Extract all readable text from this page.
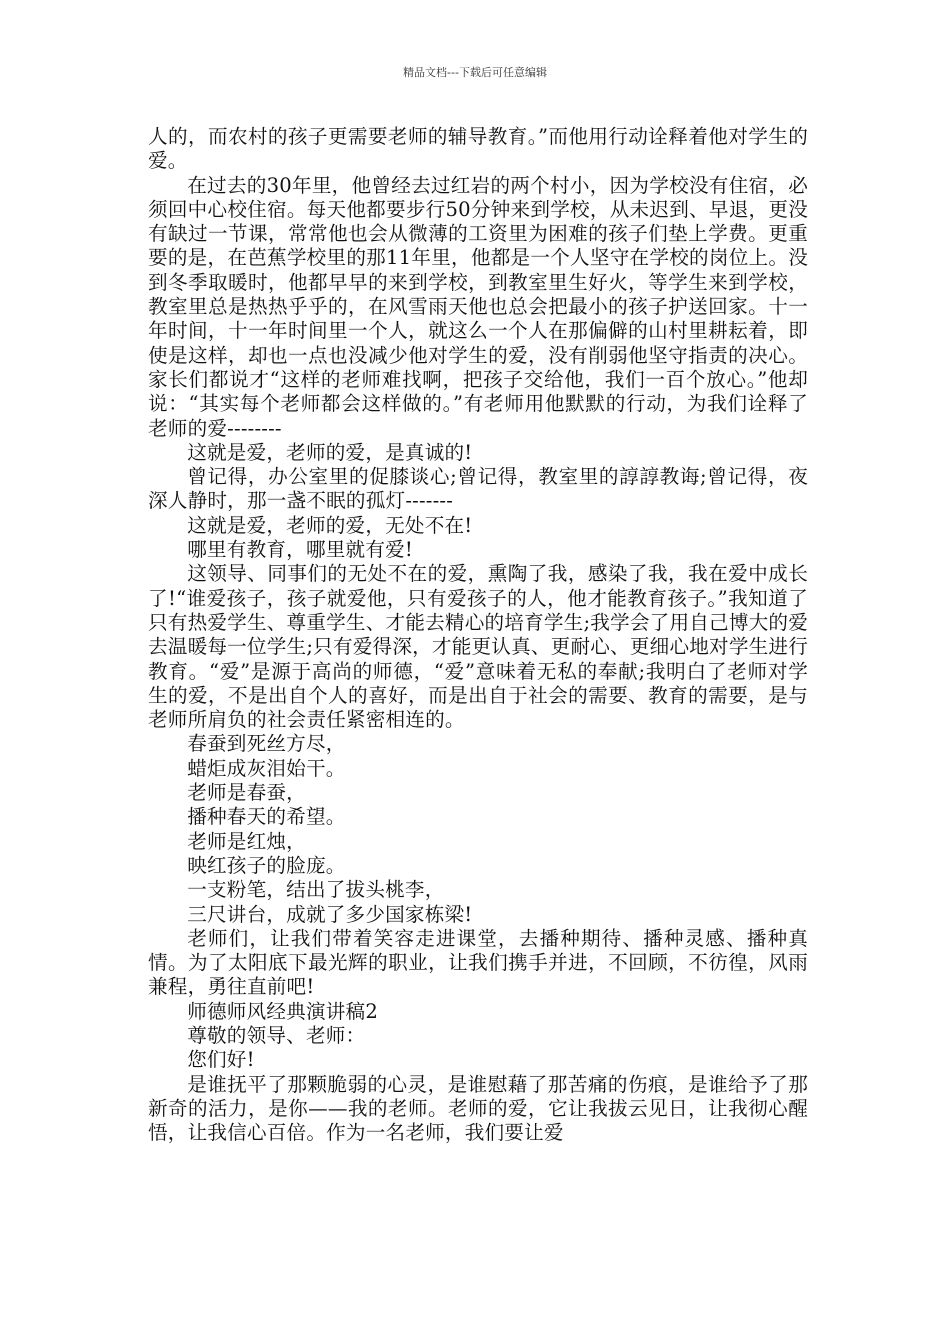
精品文档---下载后可任意编辑

人的，而农村的孩子更需要老师的辅导教育。”而他用行动诠释着他对学生的爱。

在过去的30年里，他曾经去过红岩的两个村小，因为学校没有住宿，必须回中心校住宿。每天他都要步行50分钟来到学校，从未迟到、早退，更没有缺过一节课，常常他也会从微薄的工资里为困难的孩子们垫上学费。更重要的是，在芭蕉学校里的那11年里，他都是一个人坚守在学校的岗位上。没到冬季取暖时，他都早早的来到学校，到教室里生好火，等学生来到学校，教室里总是热热乎乎的，在风雪雨天他也总会把最小的孩子护送回家。十一年时间，十一年时间里一个人，就这么一个人在那偏僻的山村里耕耘着，即使是这样，却也一点也没减少他对学生的爱，没有削弱他坚守指责的决心。家长们都说才“这样的老师难找啊，把孩子交给他，我们一百个放心。”他却说：“其实每个老师都会这样做的。”有老师用他默默的行动，为我们诠释了老师的爱--------

这就是爱，老师的爱，是真诚的!

曾记得，办公室里的促膝谈心;曾记得，教室里的諄諄教诲;曾记得，夜深人静时，那一盏不眠的孤灯-------

这就是爱，老师的爱，无处不在!

哪里有教育，哪里就有爱!

这领导、同事们的无处不在的爱，熏陶了我，感染了我，我在爱中成长了!“谁爱孩子，孩子就爱他，只有爱孩子的人，他才能教育孩子。”我知道了只有热爱学生、尊重学生、才能去精心的培育学生;我学会了用自己博大的爱去温暖每一位学生;只有爱得深，才能更认真、更耐心、更细心地对学生进行教育。“爱”是源于高尚的师德，“爱”意味着无私的奉献;我明白了老师对学生的爱，不是出自个人的喜好，而是出自于社会的需要、教育的需要，是与老师所肩负的社会责任紧密相连的。

春蚕到死丝方尽，

蜡炬成灰泪始干。

老师是春蚕，

播种春天的希望。

老师是红烛，

映红孩子的脸庞。

一支粉笔，结出了拔头桃李，

三尺讲台，成就了多少国家栋梁!

老师们，让我们带着笑容走进课堂，去播种期待、播种灵感、播种真情。为了太阳底下最光辉的职业，让我们携手并进，不回顾，不彷徨，风雨兼程，勇往直前吧!

师德师风经典演讲稿2

尊敬的领导、老师：

您们好!

是谁抚平了那颗脆弱的心灵，是谁慰藉了那苦痛的伤痕，是谁给予了那新奇的活力，是你——我的老师。老师的爱，它让我拔云见日，让我彻心醒悟，让我信心百倍。作为一名老师，我们要让爱
